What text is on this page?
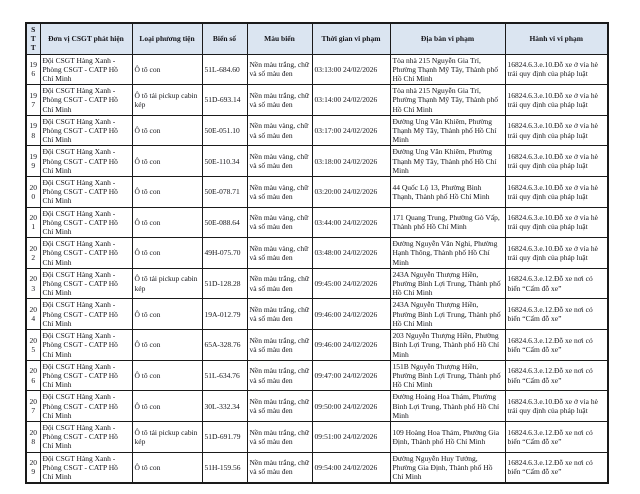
STT	Đơn vị CSGT phát hiện	Loại phương tiện	Biển số	Màu biển	Thời gian vi phạm	Địa bàn vi phạm	Hành vi vi phạm
196	Đội CSGT Hàng Xanh - Phòng CSGT - CATP Hồ Chí Minh	Ô tô con	51L-684.60	Nền màu trắng, chữ và số màu đen	03:13:00 24/02/2026	Tòa nhà 215 Nguyễn Gia Trí, Phường Thạnh Mỹ Tây, Thành phố Hồ Chí Minh	16824.6.3.e.10.Đỗ xe ở vỉa hè trái quy định của pháp luật
197	Đội CSGT Hàng Xanh - Phòng CSGT - CATP Hồ Chí Minh	Ô tô tải pickup cabin kép	51D-693.14	Nền màu trắng, chữ và số màu đen	03:14:00 24/02/2026	Tòa nhà 215 Nguyễn Gia Trí, Phường Thạnh Mỹ Tây, Thành phố Hồ Chí Minh	16824.6.3.e.10.Đỗ xe ở vỉa hè trái quy định của pháp luật
198	Đội CSGT Hàng Xanh - Phòng CSGT - CATP Hồ Chí Minh	Ô tô con	50E-051.10	Nền màu vàng, chữ và số màu đen	03:17:00 24/02/2026	Đường Ung Văn Khiêm, Phường Thạnh Mỹ Tây, Thành phố Hồ Chí Minh	16824.6.3.e.10.Đỗ xe ở vỉa hè trái quy định của pháp luật
199	Đội CSGT Hàng Xanh - Phòng CSGT - CATP Hồ Chí Minh	Ô tô con	50E-110.34	Nền màu vàng, chữ và số màu đen	03:18:00 24/02/2026	Đường Ung Văn Khiêm, Phường Thạnh Mỹ Tây, Thành phố Hồ Chí Minh	16824.6.3.e.10.Đỗ xe ở vỉa hè trái quy định của pháp luật
200	Đội CSGT Hàng Xanh - Phòng CSGT - CATP Hồ Chí Minh	Ô tô con	50E-078.71	Nền màu vàng, chữ và số màu đen	03:20:00 24/02/2026	44 Quốc Lộ 13, Phường Bình Thạnh, Thành phố Hồ Chí Minh	16824.6.3.e.10.Đỗ xe ở vỉa hè trái quy định của pháp luật
201	Đội CSGT Hàng Xanh - Phòng CSGT - CATP Hồ Chí Minh	Ô tô con	50E-088.64	Nền màu vàng, chữ và số màu đen	03:44:00 24/02/2026	171 Quang Trung, Phường Gò Vấp, Thành phố Hồ Chí Minh	16824.6.3.e.10.Đỗ xe ở vỉa hè trái quy định của pháp luật
202	Đội CSGT Hàng Xanh - Phòng CSGT - CATP Hồ Chí Minh	Ô tô con	49H-075.70	Nền màu vàng, chữ và số màu đen	03:48:00 24/02/2026	Đường Nguyễn Văn Nghi, Phường Hạnh Thông, Thành phố Hồ Chí Minh	16824.6.3.e.10.Đỗ xe ở vỉa hè trái quy định của pháp luật
203	Đội CSGT Hàng Xanh - Phòng CSGT - CATP Hồ Chí Minh	Ô tô tải pickup cabin kép	51D-128.28	Nền màu trắng, chữ và số màu đen	09:45:00 24/02/2026	243A Nguyễn Thượng Hiền, Phường Bình Lợi Trung, Thành phố Hồ Chí Minh	16824.6.3.e.12.Đỗ xe nơi có biển “Cấm đỗ xe”
204	Đội CSGT Hàng Xanh - Phòng CSGT - CATP Hồ Chí Minh	Ô tô con	19A-012.79	Nền màu trắng, chữ và số màu đen	09:46:00 24/02/2026	243A Nguyễn Thượng Hiền, Phường Bình Lợi Trung, Thành phố Hồ Chí Minh	16824.6.3.e.12.Đỗ xe nơi có biển “Cấm đỗ xe”
205	Đội CSGT Hàng Xanh - Phòng CSGT - CATP Hồ Chí Minh	Ô tô con	65A-328.76	Nền màu trắng, chữ và số màu đen	09:46:00 24/02/2026	203 Nguyễn Thượng Hiền, Phường Bình Lợi Trung, Thành phố Hồ Chí Minh	16824.6.3.e.12.Đỗ xe nơi có biển “Cấm đỗ xe”
206	Đội CSGT Hàng Xanh - Phòng CSGT - CATP Hồ Chí Minh	Ô tô con	51L-634.76	Nền màu trắng, chữ và số màu đen	09:47:00 24/02/2026	151B Nguyễn Thượng Hiền, Phường Bình Lợi Trung, Thành phố Hồ Chí Minh	16824.6.3.e.12.Đỗ xe nơi có biển “Cấm đỗ xe”
207	Đội CSGT Hàng Xanh - Phòng CSGT - CATP Hồ Chí Minh	Ô tô con	30L-332.34	Nền màu trắng, chữ và số màu đen	09:50:00 24/02/2026	Đường Hoàng Hoa Thám, Phường Bình Lợi Trung, Thành phố Hồ Chí Minh	16824.6.3.e.10.Đỗ xe ở vỉa hè trái quy định của pháp luật
208	Đội CSGT Hàng Xanh - Phòng CSGT - CATP Hồ Chí Minh	Ô tô tải pickup cabin kép	51D-691.79	Nền màu trắng, chữ và số màu đen	09:51:00 24/02/2026	109 Hoàng Hoa Thám, Phường Gia Định, Thành phố Hồ Chí Minh	16824.6.3.e.12.Đỗ xe nơi có biển “Cấm đỗ xe”
209	Đội CSGT Hàng Xanh - Phòng CSGT - CATP Hồ Chí Minh	Ô tô con	51H-159.56	Nền màu trắng, chữ và số màu đen	09:54:00 24/02/2026	Đường Nguyễn Huy Tưởng, Phường Gia Định, Thành phố Hồ Chí Minh	16824.6.3.e.12.Đỗ xe nơi có biển “Cấm đỗ xe”
